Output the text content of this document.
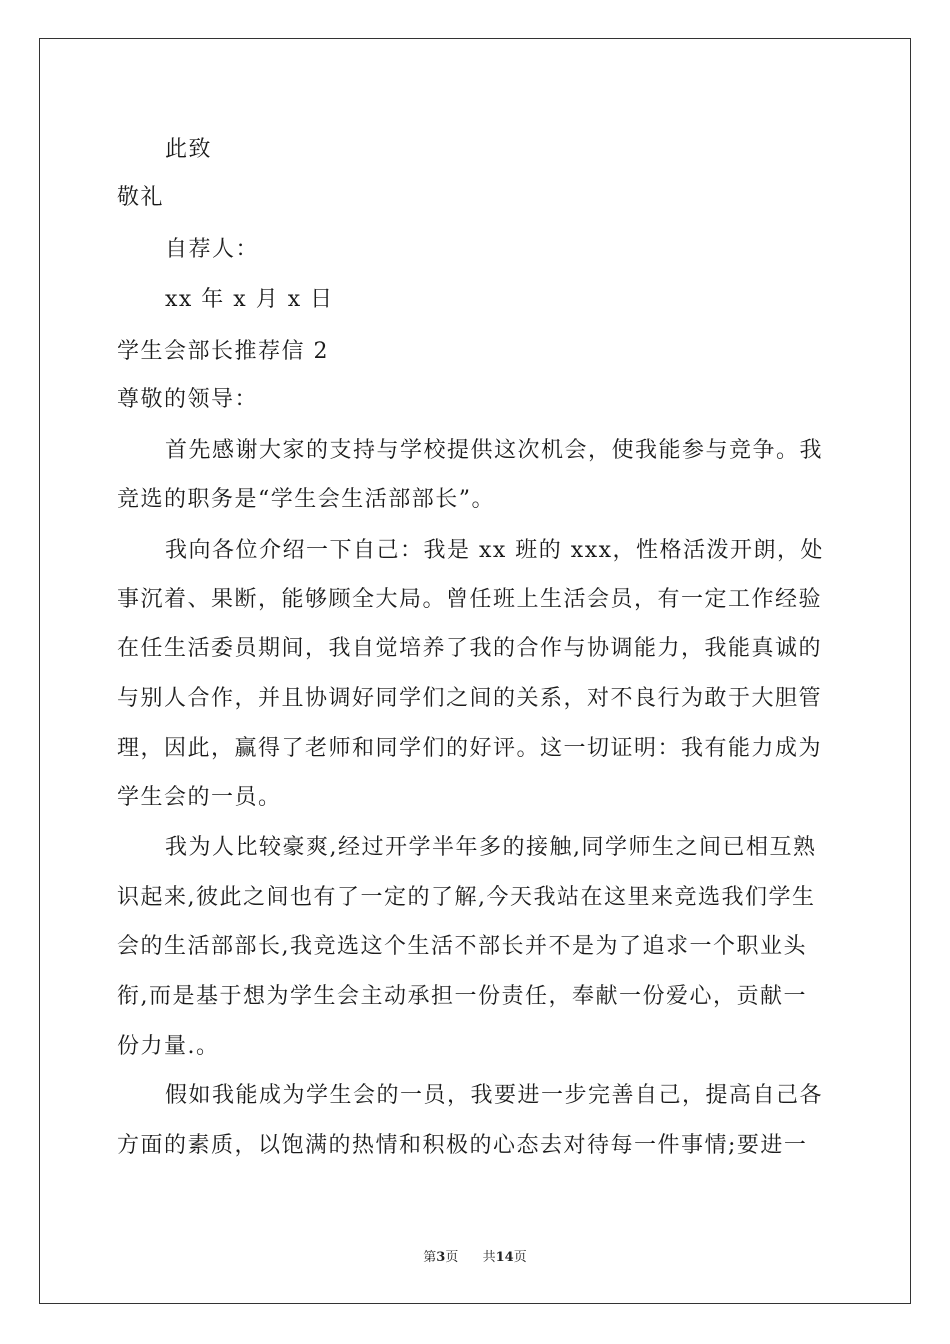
此致
敬礼
自荐人：
xx 年 x 月 x 日
学生会部长推荐信 2
尊敬的领导：
首先感谢大家的支持与学校提供这次机会，使我能参与竞争。我
竞选的职务是“学生会生活部部长”。
我向各位介绍一下自己：我是 xx 班的 xxx，性格活泼开朗，处
事沉着、果断，能够顾全大局。曾任班上生活会员，有一定工作经验
在任生活委员期间，我自觉培养了我的合作与协调能力，我能真诚的
与别人合作，并且协调好同学们之间的关系，对不良行为敢于大胆管
理，因此，赢得了老师和同学们的好评。这一切证明：我有能力成为
学生会的一员。
我为人比较豪爽,经过开学半年多的接触,同学师生之间已相互熟
识起来,彼此之间也有了一定的了解,今天我站在这里来竞选我们学生
会的生活部部长,我竞选这个生活不部长并不是为了追求一个职业头
衔,而是基于想为学生会主动承担一份责任，奉献一份爱心，贡献一
份力量.。
假如我能成为学生会的一员，我要进一步完善自己，提高自己各
方面的素质，以饱满的热情和积极的心态去对待每一件事情;要进一
第3页 共14页
